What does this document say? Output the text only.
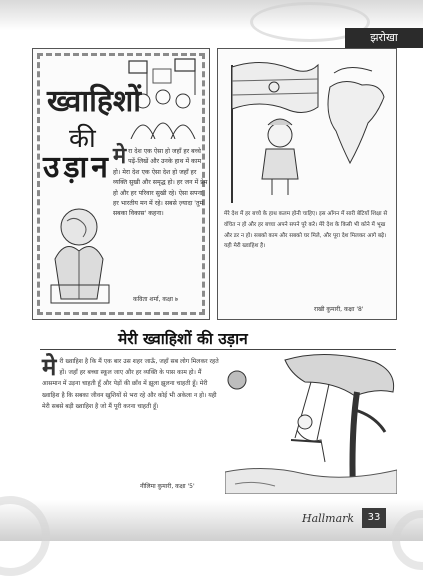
झरोखा
ख्वाहिशों
की
उड़ान मे रा देश एक ऐसा हो जहाँ हर बच्चे पढ़ें-लिखें और उनके हाथ में काम हो। मेरा देश एक ऐसा देश हो जहाँ हर व्यक्ति सुखी और समृद्ध हो। हर जन में प्रेम हो और हर परिवार सुखी रहे। ऐसा सपना हर भारतीय मन में रहे। सबसे ज़्यादा 'तुम सबका विकास' कहना।
कविता शर्मा, कक्षा ७
मेरे देश में हर बच्चे के हाथ कलम होनी चाहिए। इस आँगन में सारी बेटियाँ शिक्षा से वंचित न हो और हर बच्चा अपने सपने पूरे करे। मेरे देश के किसी भी कोने में भूख और डर न हो। सबको काम और सबको घर मिले, और पूरा देश मिलकर आगे बढ़े। यही मेरी ख्वाहिश है।
राखी कुमारी, कक्षा '8'
मेरी ख्वाहिशों की उड़ान
मे री ख्वाहिश है कि मैं एक बार उस शहर जाऊँ, जहाँ सब लोग मिलकर रहते हों। जहाँ हर बच्चा स्कूल जाए और हर व्यक्ति के पास काम हो। मैं आसमान में उड़ना चाहती हूँ और पेड़ों की छाँव में झूला झूलना चाहती हूँ। मेरी ख्वाहिश है कि सबका जीवन खुशियों से भरा रहे और कोई भी अकेला न हो। यही मेरी सबसे बड़ी ख्वाहिश है जो मैं पूरी करना चाहती हूँ।
नीलिमा कुमारी, कक्षा '5'
Hallmark	33
